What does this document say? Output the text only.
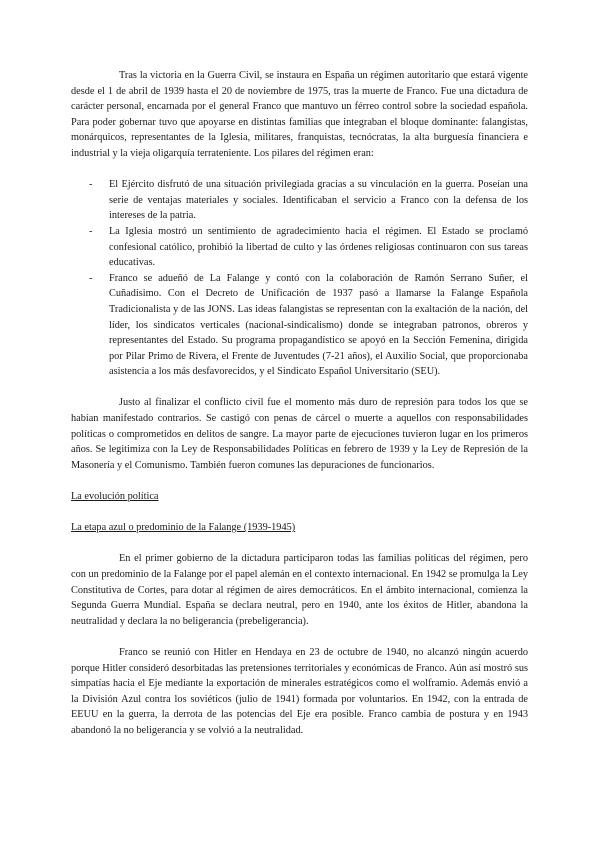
Tras la victoria en la Guerra Civil, se instaura en España un régimen autoritario que estará vigente desde el 1 de abril de 1939 hasta el 20 de noviembre de 1975, tras la muerte de Franco. Fue una dictadura de carácter personal, encarnada por el general Franco que mantuvo un férreo control sobre la sociedad española. Para poder gobernar tuvo que apoyarse en distintas familias que integraban el bloque dominante: falangistas, monárquicos, representantes de la Iglesia, militares, franquistas, tecnócratas, la alta burguesía financiera e industrial y la vieja oligarquía terrateniente. Los pilares del régimen eran:

- El Ejército disfrutó de una situación privilegiada gracias a su vinculación en la guerra. Poseían una serie de ventajas materiales y sociales. Identificaban el servicio a Franco con la defensa de los intereses de la patria.
- La Iglesia mostró un sentimiento de agradecimiento hacia el régimen. El Estado se proclamó confesional católico, prohibió la libertad de culto y las órdenes religiosas continuaron con sus tareas educativas.
- Franco se adueñó de La Falange y contó con la colaboración de Ramón Serrano Suñer, el Cuñadísimo. Con el Decreto de Unificación de 1937 pasó a llamarse la Falange Española Tradicionalista y de las JONS. Las ideas falangistas se representan con la exaltación de la nación, del líder, los sindicatos verticales (nacional-sindicalismo) donde se integraban patronos, obreros y representantes del Estado. Su programa propagandístico se apoyó en la Sección Femenina, dirigida por Pilar Primo de Rivera, el Frente de Juventudes (7-21 años), el Auxilio Social, que proporcionaba asistencia a los más desfavorecidos, y el Sindicato Español Universitario (SEU).

Justo al finalizar el conflicto civil fue el momento más duro de represión para todos los que se habían manifestado contrarios. Se castigó con penas de cárcel o muerte a aquellos con responsabilidades políticas o comprometidos en delitos de sangre. La mayor parte de ejecuciones tuvieron lugar en los primeros años. Se legitimiza con la Ley de Responsabilidades Políticas en febrero de 1939 y la Ley de Represión de la Masonería y el Comunismo. También fueron comunes las depuraciones de funcionarios.

La evolución política

La etapa azul o predominio de la Falange (1939-1945)

En el primer gobierno de la dictadura participaron todas las familias políticas del régimen, pero con un predominio de la Falange por el papel alemán en el contexto internacional. En 1942 se promulga la Ley Constitutiva de Cortes, para dotar al régimen de aires democráticos. En el ámbito internacional, comienza la Segunda Guerra Mundial. España se declara neutral, pero en 1940, ante los éxitos de Hitler, abandona la neutralidad y declara la no beligerancia (prebeligerancia).

Franco se reunió con Hitler en Hendaya en 23 de octubre de 1940, no alcanzó ningún acuerdo porque Hitler consideró desorbitadas las pretensiones territoriales y económicas de Franco. Aún así mostró sus simpatías hacia el Eje mediante la exportación de minerales estratégicos como el wolframio. Además envió a la División Azul contra los soviéticos (julio de 1941) formada por voluntarios. En 1942, con la entrada de EEUU en la guerra, la derrota de las potencias del Eje era posible. Franco cambia de postura y en 1943 abandonó la no beligerancia y se volvió a la neutralidad.
